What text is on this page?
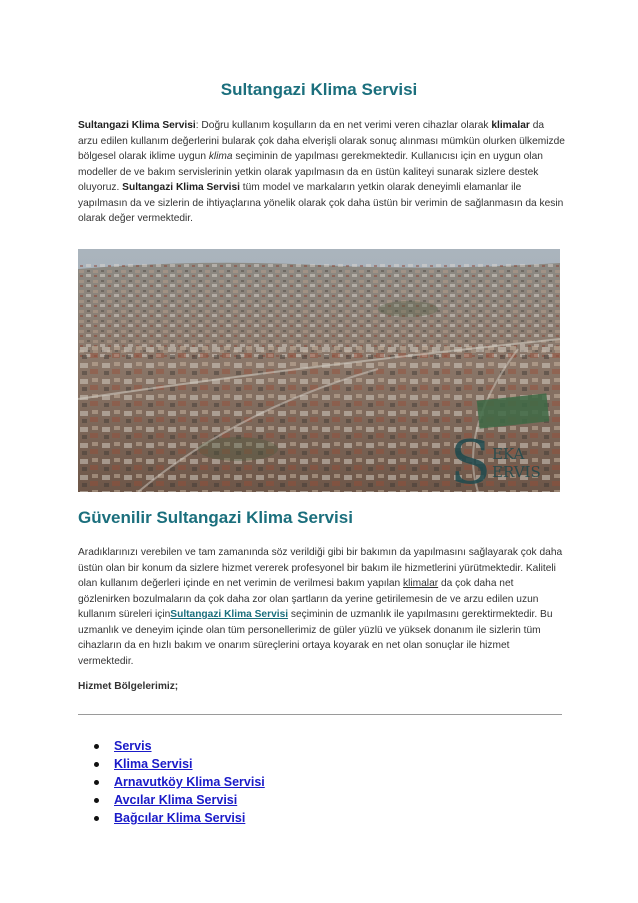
Sultangazi Klima Servisi

Sultangazi Klima Servisi: Doğru kullanım koşulların da en net verimi veren cihazlar olarak klimalar da arzu edilen kullanım değerlerini bularak çok daha elverişli olarak sonuç alınması mümkün olurken ülkemizde bölgesel olarak iklime uygun klima seçiminin de yapılması gerekmektedir. Kullanıcısı için en uygun olan modeller de ve bakım servislerinin yetkin olarak yapılmasın da en üstün kaliteyi sunarak sizlere destek oluyoruz. Sultangazi Klima Servisi tüm model ve markaların yetkin olarak deneyimli elamanlar ile yapılmasın da ve sizlerin de ihtiyaçlarına yönelik olarak çok daha üstün bir verimin de sağlanmasın da kesin olarak değer vermektedir.

S EKA
ERVIS
Güvenilir Sultangazi Klima Servisi

Aradıklarınızı verebilen ve tam zamanında söz verildiği gibi bir bakımın da yapılmasını sağlayarak çok daha üstün olan bir konum da sizlere hizmet vererek profesyonel bir bakım ile hizmetlerini yürütmektedir. Kaliteli olan kullanım değerleri içinde en net verimin de verilmesi bakım yapılan klimalar da çok daha net gözlenirken bozulmaların da çok daha zor olan şartların da yerine getirilemesin de ve arzu edilen uzun kullanım süreleri içinSultangazi Klima Servisi seçiminin de uzmanlık ile yapılmasını gerektirmektedir. Bu uzmanlık ve deneyim içinde olan tüm personellerimiz de güler yüzlü ve yüksek donanım ile sizlerin tüm cihazların da en hızlı bakım ve onarım süreçlerini ortaya koyarak en net olan sonuçlar ile hizmet vermektedir.

Hizmet Bölgelerimiz;

Servis
Klima Servisi
Arnavutköy Klima Servisi
Avcılar Klima Servisi
Bağcılar Klima Servisi
